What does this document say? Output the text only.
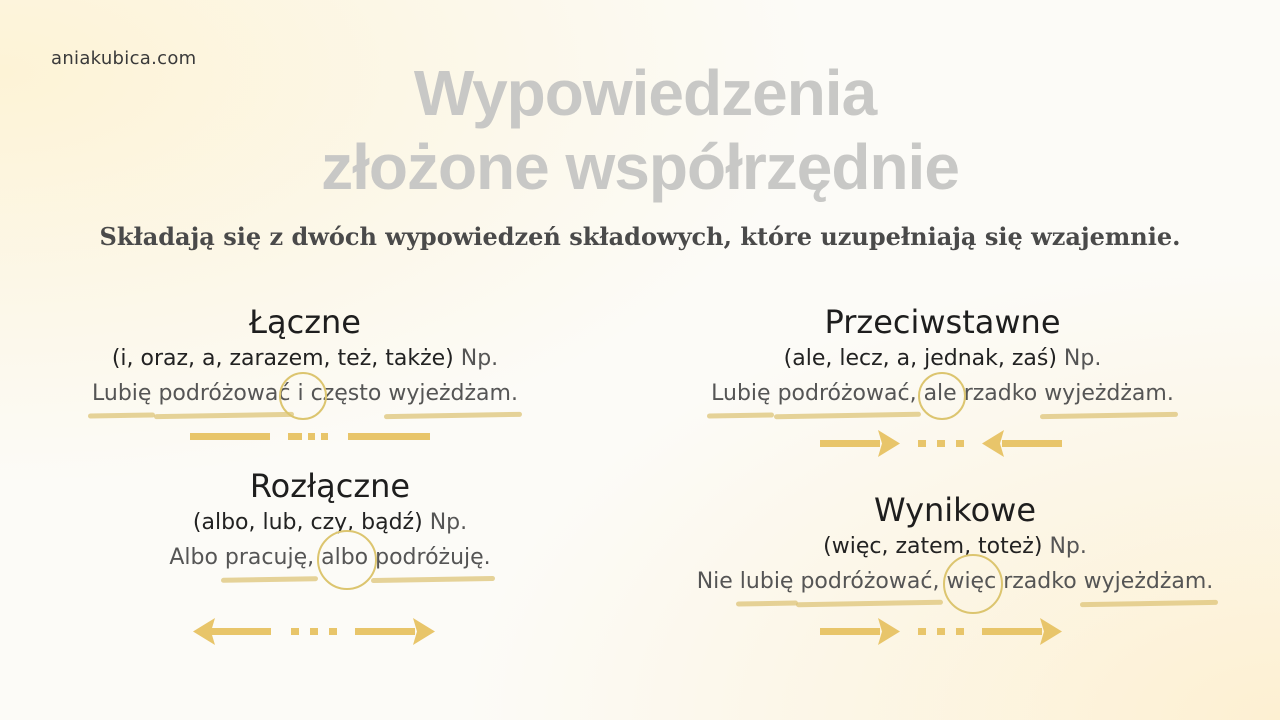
aniakubica.com	Wypowiedzenia
złożone współrzędnie
Składają się z dwóch wypowiedzeń składowych, które uzupełniają się wzajemnie.
Łączne
(i, oraz, a, zarazem, też, także) Np.
Lubię podróżować i często wyjeżdżam.
Przeciwstawne
(ale, lecz, a, jednak, zaś) Np.
Lubię podróżować, ale rzadko wyjeżdżam.
Rozłączne
(albo, lub, czy, bądź) Np.
Albo pracuję, albo podróżuję.
Wynikowe
(więc, zatem, toteż) Np.
Nie lubię podróżować, więc rzadko wyjeżdżam.
